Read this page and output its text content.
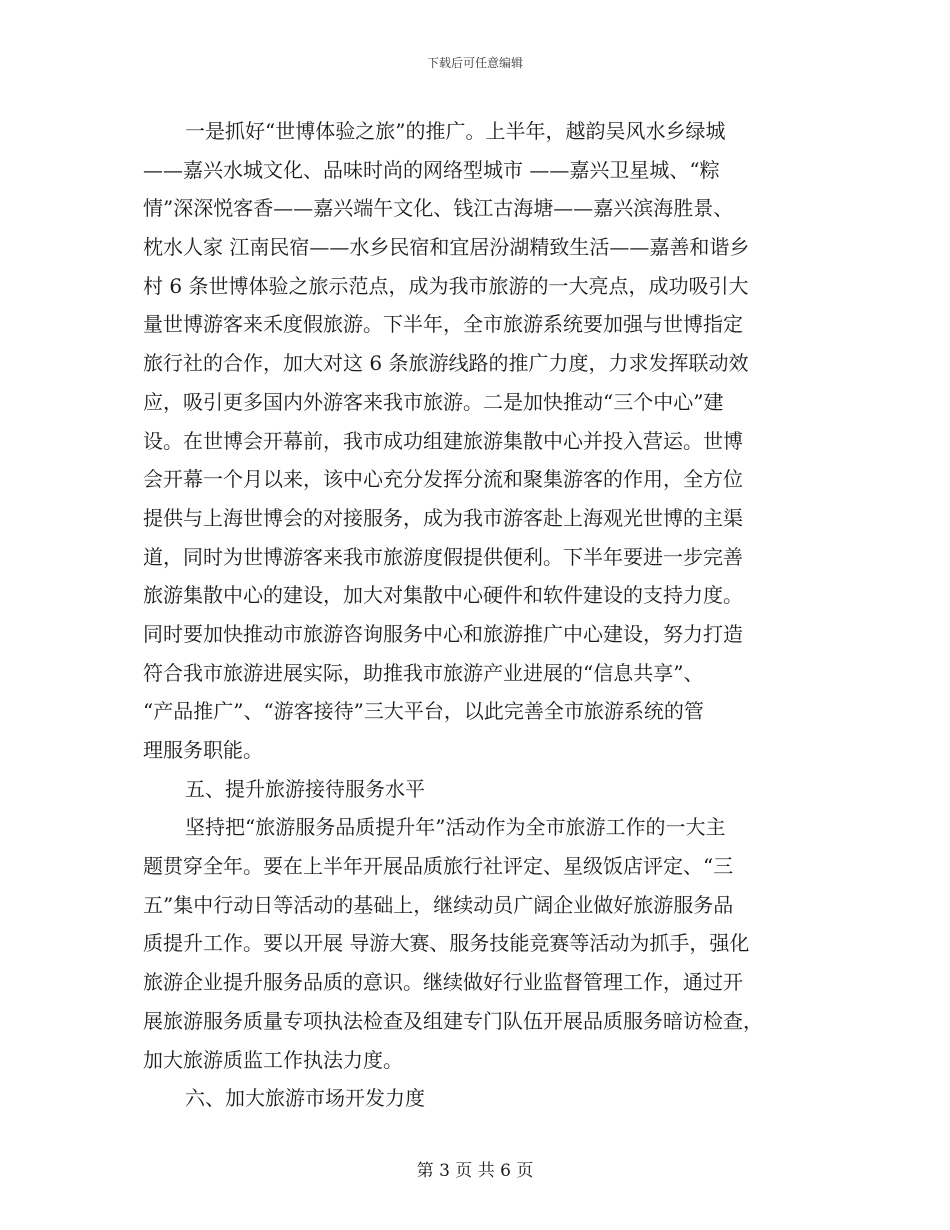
下载后可任意编辑
一是抓好“世博体验之旅”的推广。上半年，越韵吴风水乡绿城
——嘉兴水城文化、品味时尚的网络型城市 ——嘉兴卫星城、“粽
情”深深悦客香——嘉兴端午文化、钱江古海塘——嘉兴滨海胜景、
枕水人家 江南民宿——水乡民宿和宜居汾湖精致生活——嘉善和谐乡
村 6 条世博体验之旅示范点，成为我市旅游的一大亮点，成功吸引大
量世博游客来禾度假旅游。下半年，全市旅游系统要加强与世博指定
旅行社的合作，加大对这 6 条旅游线路的推广力度，力求发挥联动效
应，吸引更多国内外游客来我市旅游。二是加快推动“三个中心”建
设。在世博会开幕前，我市成功组建旅游集散中心并投入营运。世博
会开幕一个月以来，该中心充分发挥分流和聚集游客的作用，全方位
提供与上海世博会的对接服务，成为我市游客赴上海观光世博的主渠
道，同时为世博游客来我市旅游度假提供便利。下半年要进一步完善
旅游集散中心的建设，加大对集散中心硬件和软件建设的支持力度。
同时要加快推动市旅游咨询服务中心和旅游推广中心建设，努力打造
符合我市旅游进展实际，助推我市旅游产业进展的“信息共享”、
“产品推广”、“游客接待”三大平台，以此完善全市旅游系统的管
理服务职能。
五、提升旅游接待服务水平
坚持把“旅游服务品质提升年”活动作为全市旅游工作的一大主
题贯穿全年。要在上半年开展品质旅行社评定、星级饭店评定、“三
五”集中行动日等活动的基础上，继续动员广阔企业做好旅游服务品
质提升工作。要以开展 导游大赛、服务技能竞赛等活动为抓手，强化
旅游企业提升服务品质的意识。继续做好行业监督管理工作，通过开
展旅游服务质量专项执法检查及组建专门队伍开展品质服务暗访检查，
加大旅游质监工作执法力度。
六、加大旅游市场开发力度
第 3 页 共 6 页
